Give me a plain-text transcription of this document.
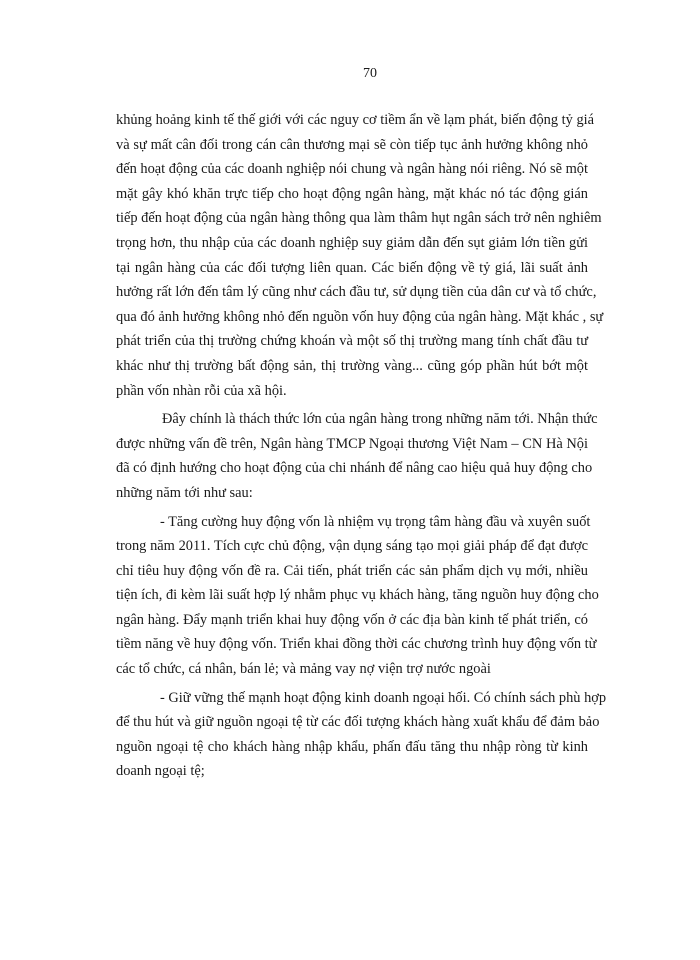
70
khủng hoảng kinh tế thế giới với các nguy cơ tiềm ẩn về lạm phát, biến động tỷ giá
và sự mất cân đối trong cán cân thương mại sẽ còn tiếp tục ảnh hưởng không nhỏ
đến hoạt động của các doanh nghiệp nói chung và ngân hàng nói riêng. Nó sẽ một
mặt gây khó khăn trực tiếp cho hoạt động ngân hàng, mặt khác nó tác động gián
tiếp đến hoạt động của ngân hàng thông qua làm thâm hụt ngân sách trở nên nghiêm
trọng hơn, thu nhập của các doanh nghiệp suy giảm dẫn đến sụt giảm lớn tiền gửi
tại ngân hàng của các đối tượng liên quan. Các biến động về tỷ giá, lãi suất ảnh
hưởng rất lớn đến tâm lý cũng như cách đầu tư, sử dụng tiền của dân cư và tổ chức,
qua đó ảnh hưởng không nhỏ đến nguồn vốn huy động của ngân hàng. Mặt khác , sự
phát triển của thị trường chứng khoán và một số thị trường mang tính chất đầu tư
khác như thị trường bất động sản, thị trường vàng... cũng góp phần hút bớt một
phần vốn nhàn rỗi của xã hội.
Đây chính là thách thức lớn của ngân hàng trong những năm tới. Nhận thức
được những vấn đề trên, Ngân hàng TMCP Ngoại thương Việt Nam – CN Hà Nội
đã có định hướng cho hoạt động của chi nhánh để nâng cao hiệu quả huy động cho
những năm tới như sau:
- Tăng cường huy động vốn là nhiệm vụ trọng tâm hàng đầu và xuyên suốt
trong năm 2011. Tích cực chủ động, vận dụng sáng tạo mọi giải pháp để đạt được
chỉ tiêu huy động vốn đề ra. Cải tiến, phát triển các sản phẩm dịch vụ mới, nhiều
tiện ích, đi kèm lãi suất hợp lý nhằm phục vụ khách hàng, tăng nguồn huy động cho
ngân hàng. Đẩy mạnh triển khai huy động vốn ở các địa bàn kinh tế phát triển, có
tiềm năng về huy động vốn. Triển khai đồng thời các chương trình huy động vốn từ
các tổ chức, cá nhân, bán lẻ; và mảng vay nợ viện trợ nước ngoài
- Giữ vững thế mạnh hoạt động kinh doanh ngoại hối. Có chính sách phù hợp
để thu hút và giữ nguồn ngoại tệ từ các đối tượng khách hàng xuất khẩu để đảm bảo
nguồn ngoại tệ cho khách hàng nhập khẩu, phấn đấu tăng thu nhập ròng từ kinh
doanh ngoại tệ;
